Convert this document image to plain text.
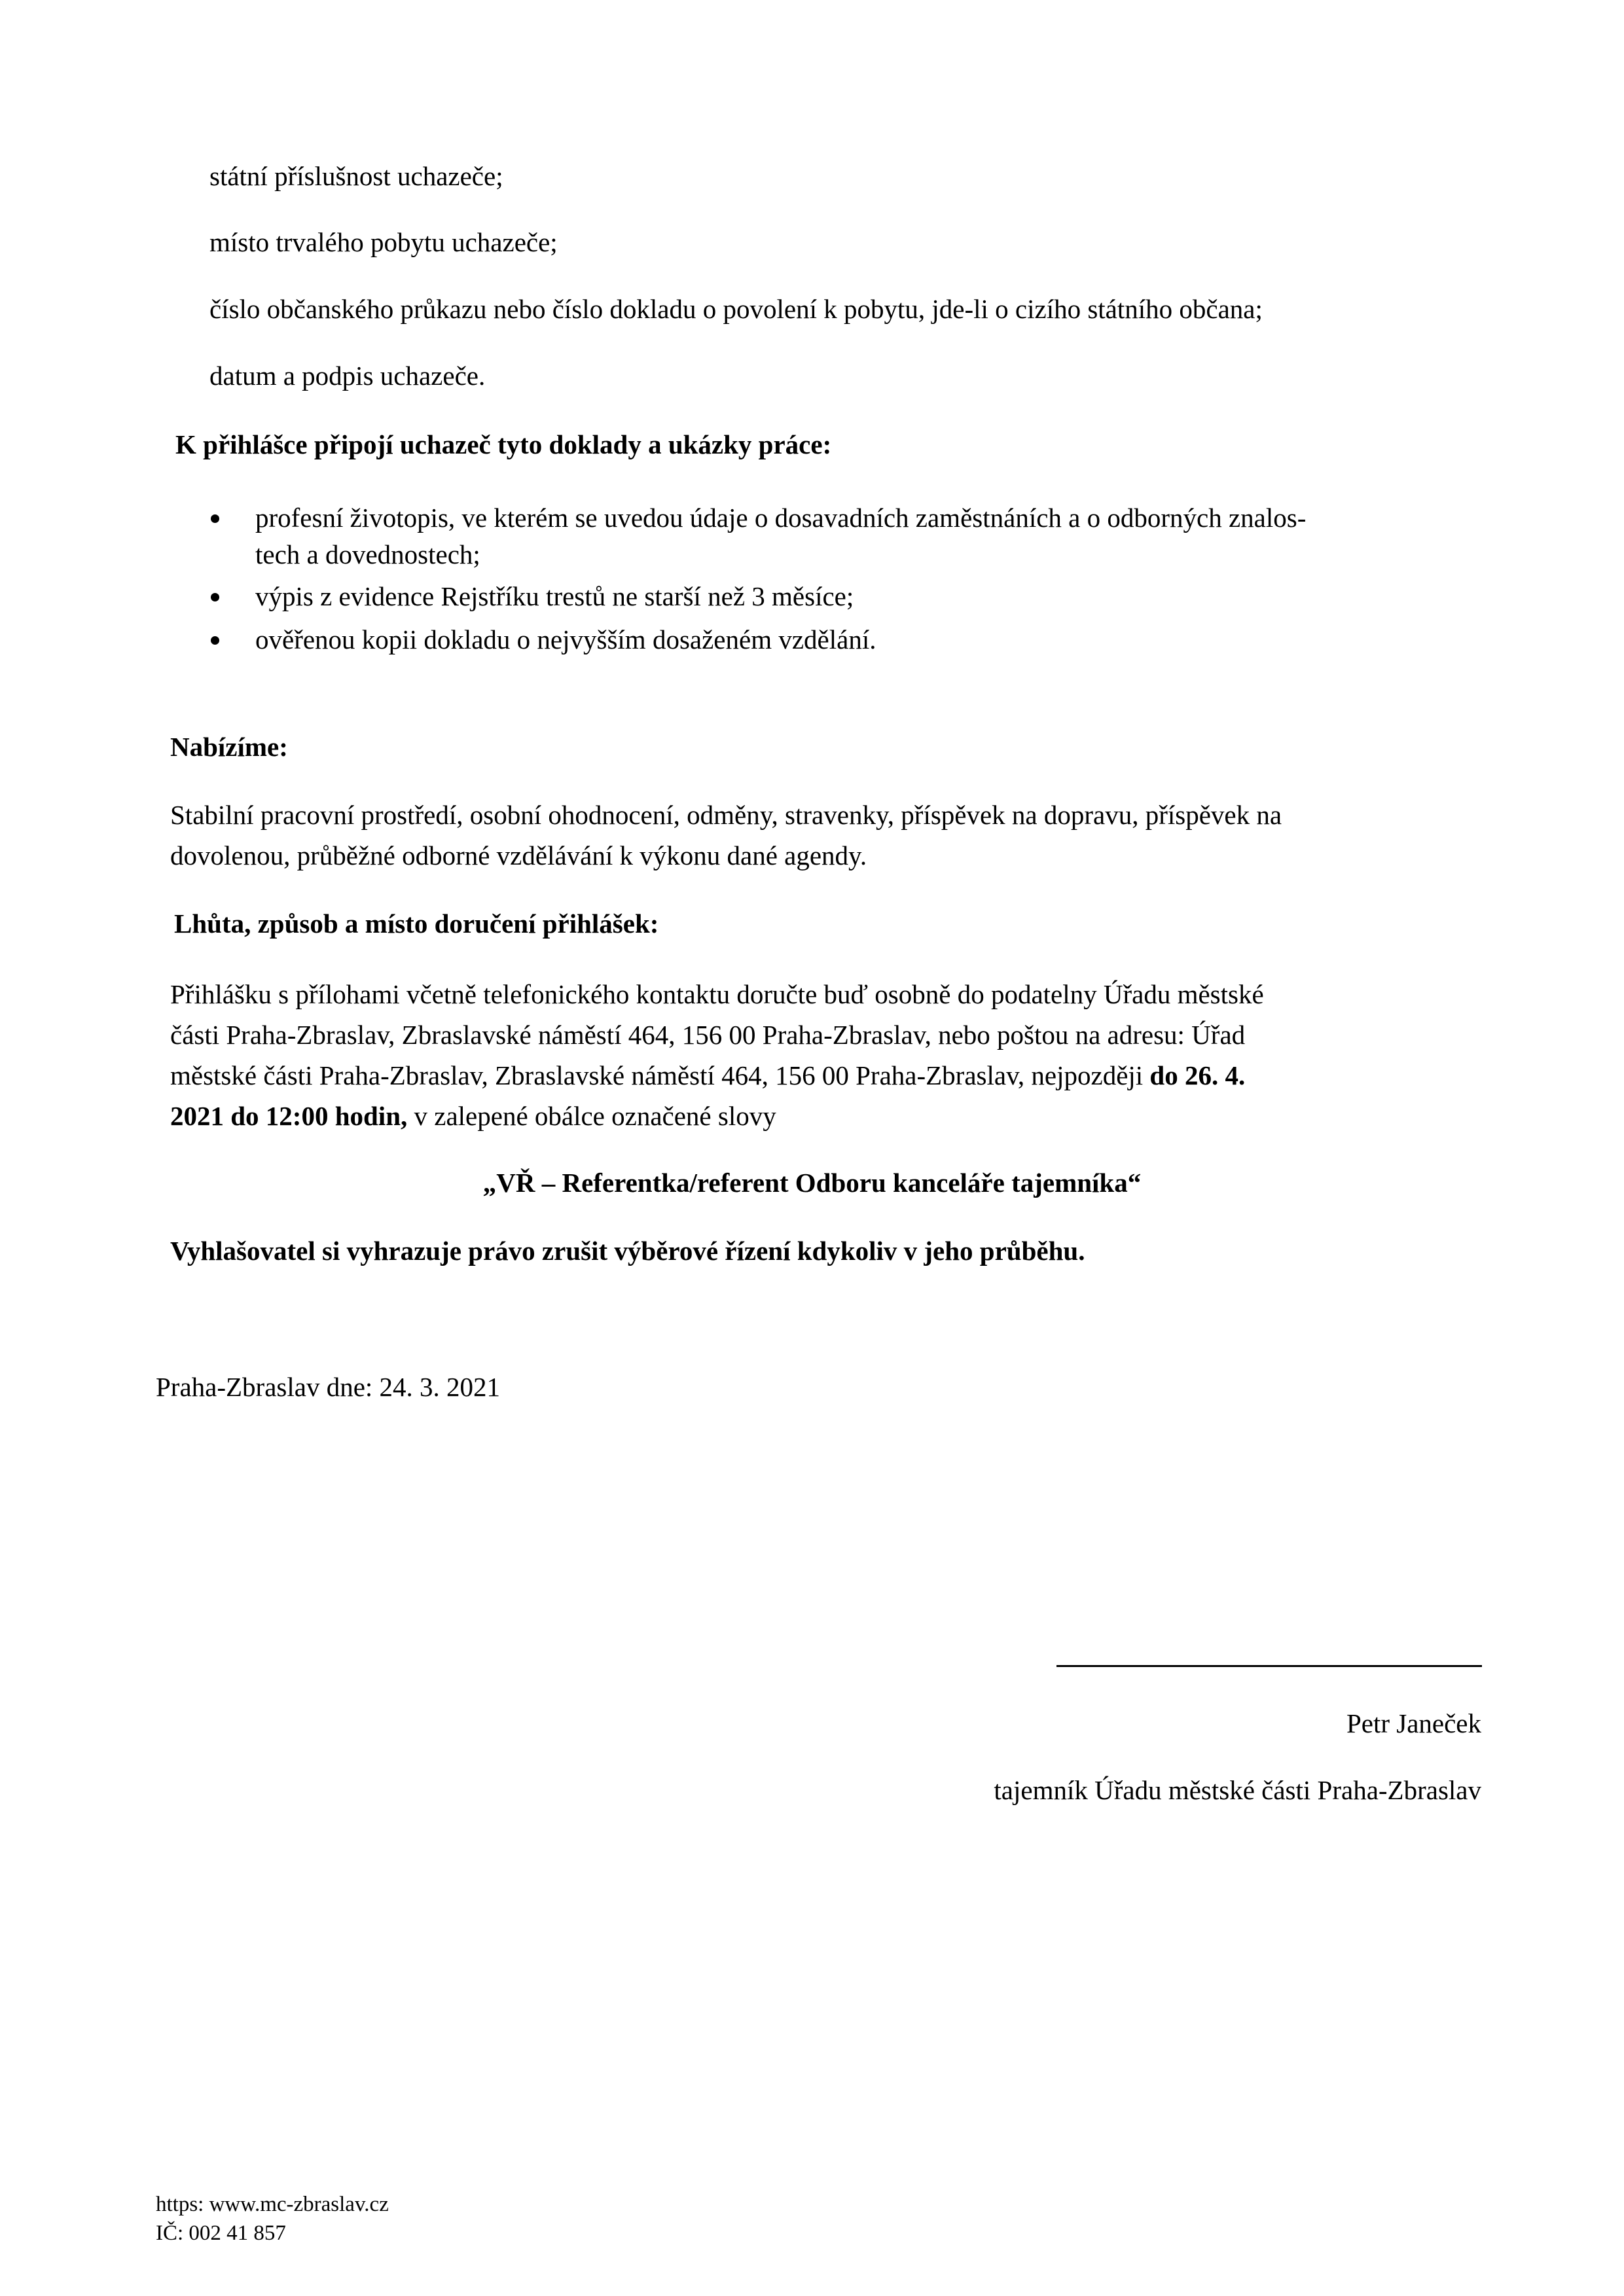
státní příslušnost uchazeče;
místo trvalého pobytu uchazeče;
číslo občanského průkazu nebo číslo dokladu o povolení k pobytu, jde-li o cizího státního občana;
datum a podpis uchazeče.
K přihlášce připojí uchazeč tyto doklady a ukázky práce:
profesní životopis, ve kterém se uvedou údaje o dosavadních zaměstnáních a o odborných znalos-
tech a dovednostech;
výpis z evidence Rejstříku trestů ne starší než 3 měsíce;
ověřenou kopii dokladu o nejvyšším dosaženém vzdělání.
Nabízíme:
Stabilní pracovní prostředí, osobní ohodnocení, odměny, stravenky, příspěvek na dopravu, příspěvek na
dovolenou, průběžné odborné vzdělávání k výkonu dané agendy.
Lhůta, způsob a místo doručení přihlášek:
Přihlášku s přílohami včetně telefonického kontaktu doručte buď osobně do podatelny Úřadu městské
části Praha-Zbraslav, Zbraslavské náměstí 464, 156 00 Praha-Zbraslav, nebo poštou na adresu: Úřad
městské části Praha-Zbraslav, Zbraslavské náměstí 464, 156 00 Praha-Zbraslav, nejpozději do 26. 4.
2021 do 12:00 hodin, v zalepené obálce označené slovy
„VŘ – Referentka/referent Odboru kanceláře tajemníka“
Vyhlašovatel si vyhrazuje právo zrušit výběrové řízení kdykoliv v jeho průběhu.
Praha-Zbraslav dne: 24. 3. 2021
Petr Janeček
tajemník Úřadu městské části Praha-Zbraslav
https: www.mc-zbraslav.cz
IČ: 002 41 857
